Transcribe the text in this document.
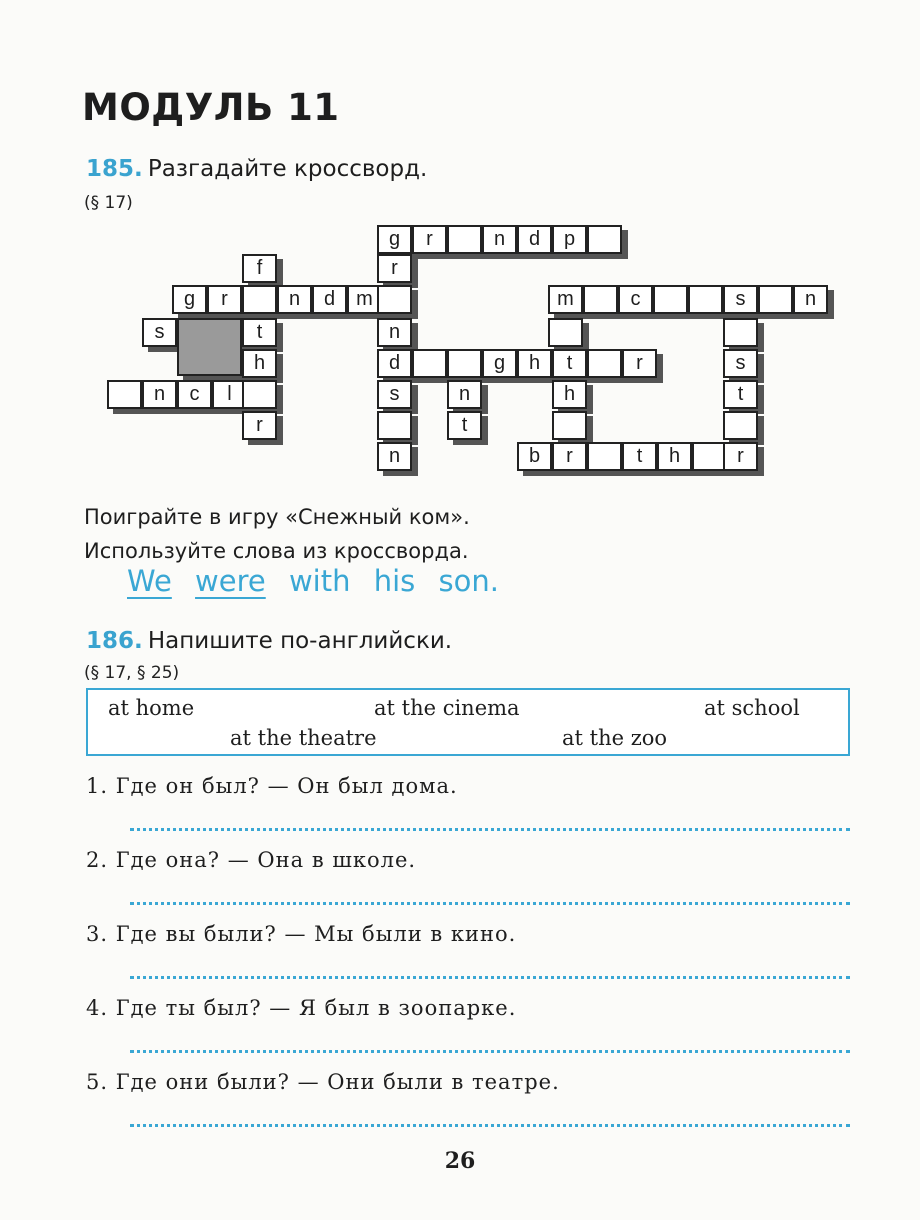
МОДУЛЬ 11
185. Разгадайте кроссворд.
(§ 17)
g	r	n	d	p
r
f
g	r	n	d	m	m	c	s	n
s	t	n
h	d	g	h	t	r	s
n	c	l	s	n	h	t
r	t
n	b	r	t	h	r
Поиграйте в игру «Снежный ком».
Используйте слова из кроссворда.
We were with his son.
186. Напишите по-английски.
(§ 17, § 25)
at home	at the cinema	at school
at the theatre	at the zoo
1. Где он был? — Он был дома.
2. Где она? — Она в школе.
3. Где вы были? — Мы были в кино.
4. Где ты был? — Я был в зоопарке.
5. Где они были? — Они были в театре.
26
